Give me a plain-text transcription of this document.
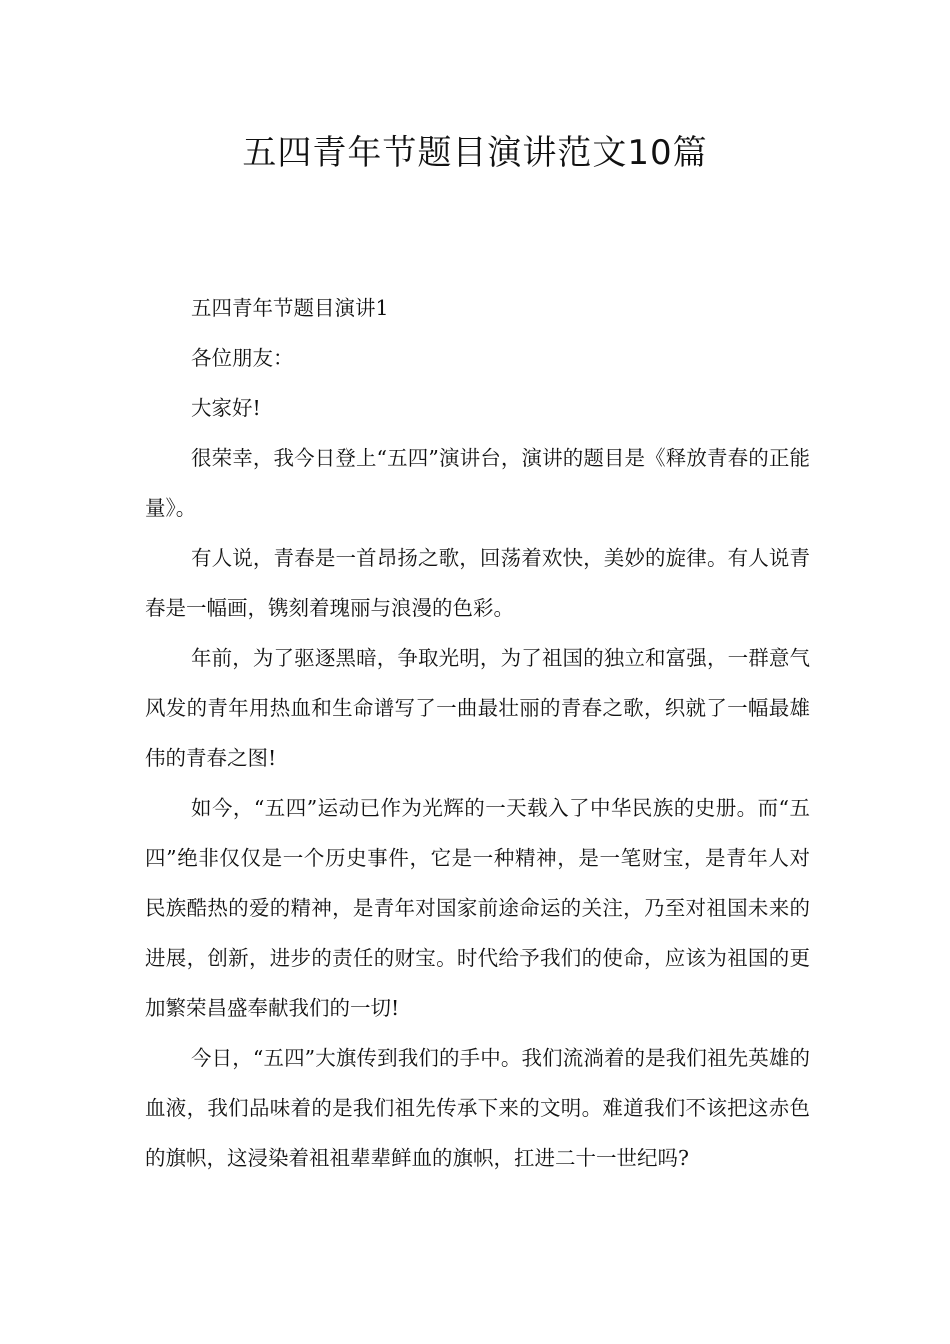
五四青年节题目演讲范文10篇

五四青年节题目演讲1

各位朋友：

大家好!

很荣幸，我今日登上“五四”演讲台，演讲的题目是《释放青春的正能量》。

有人说，青春是一首昂扬之歌，回荡着欢快，美妙的旋律。有人说青春是一幅画，镌刻着瑰丽与浪漫的色彩。

年前，为了驱逐黑暗，争取光明，为了祖国的独立和富强，一群意气风发的青年用热血和生命谱写了一曲最壮丽的青春之歌，织就了一幅最雄伟的青春之图!

如今，“五四”运动已作为光辉的一天载入了中华民族的史册。而“五四”绝非仅仅是一个历史事件，它是一种精神，是一笔财宝，是青年人对民族酷热的爱的精神，是青年对国家前途命运的关注，乃至对祖国未来的进展，创新，进步的责任的财宝。时代给予我们的使命，应该为祖国的更加繁荣昌盛奉献我们的一切!

今日，“五四”大旗传到我们的手中。我们流淌着的是我们祖先英雄的血液，我们品味着的是我们祖先传承下来的文明。难道我们不该把这赤色的旗帜，这浸染着祖祖辈辈鲜血的旗帜，扛进二十一世纪吗?
